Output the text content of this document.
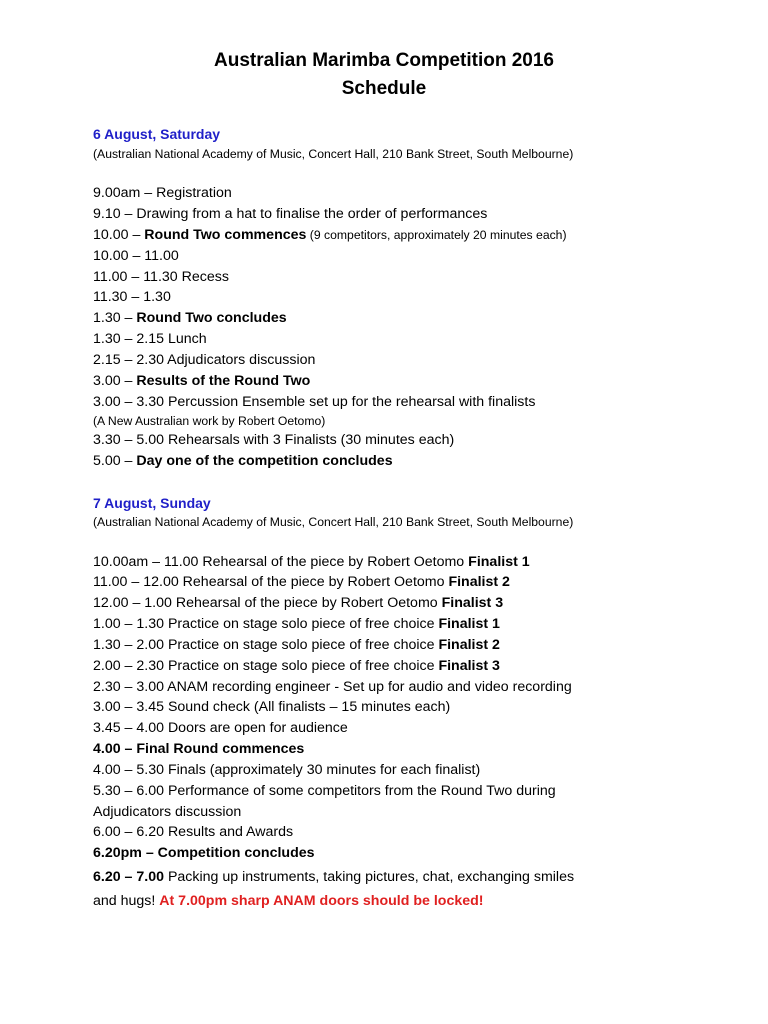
Australian Marimba Competition 2016
Schedule
6 August, Saturday
(Australian National Academy of Music, Concert Hall, 210 Bank Street, South Melbourne)
9.00am – Registration
9.10 – Drawing from a hat to finalise the order of performances
10.00 – Round Two commences (9 competitors, approximately 20 minutes each)
10.00 – 11.00
11.00 – 11.30 Recess
11.30 – 1.30
1.30 – Round Two concludes
1.30 – 2.15 Lunch
2.15 – 2.30 Adjudicators discussion
3.00 – Results of the Round Two
3.00 – 3.30 Percussion Ensemble set up for the rehearsal with finalists
(A New Australian work by Robert Oetomo)
3.30 – 5.00 Rehearsals with 3 Finalists (30 minutes each)
5.00 – Day one of the competition concludes
7 August, Sunday
(Australian National Academy of Music, Concert Hall, 210 Bank Street, South Melbourne)
10.00am – 11.00 Rehearsal of the piece by Robert Oetomo Finalist 1
11.00 – 12.00 Rehearsal of the piece by Robert Oetomo Finalist 2
12.00 – 1.00 Rehearsal of the piece by Robert Oetomo Finalist 3
1.00 – 1.30 Practice on stage solo piece of free choice Finalist 1
1.30 – 2.00 Practice on stage solo piece of free choice Finalist 2
2.00 – 2.30 Practice on stage solo piece of free choice Finalist 3
2.30 – 3.00 ANAM recording engineer - Set up for audio and video recording
3.00 – 3.45 Sound check (All finalists – 15 minutes each)
3.45 – 4.00 Doors are open for audience
4.00 – Final Round commences
4.00 – 5.30 Finals (approximately 30 minutes for each finalist)
5.30 – 6.00 Performance of some competitors from the Round Two during
Adjudicators discussion
6.00 – 6.20 Results and Awards
6.20pm – Competition concludes
6.20 – 7.00 Packing up instruments, taking pictures, chat, exchanging smiles
and hugs! At 7.00pm sharp ANAM doors should be locked!
